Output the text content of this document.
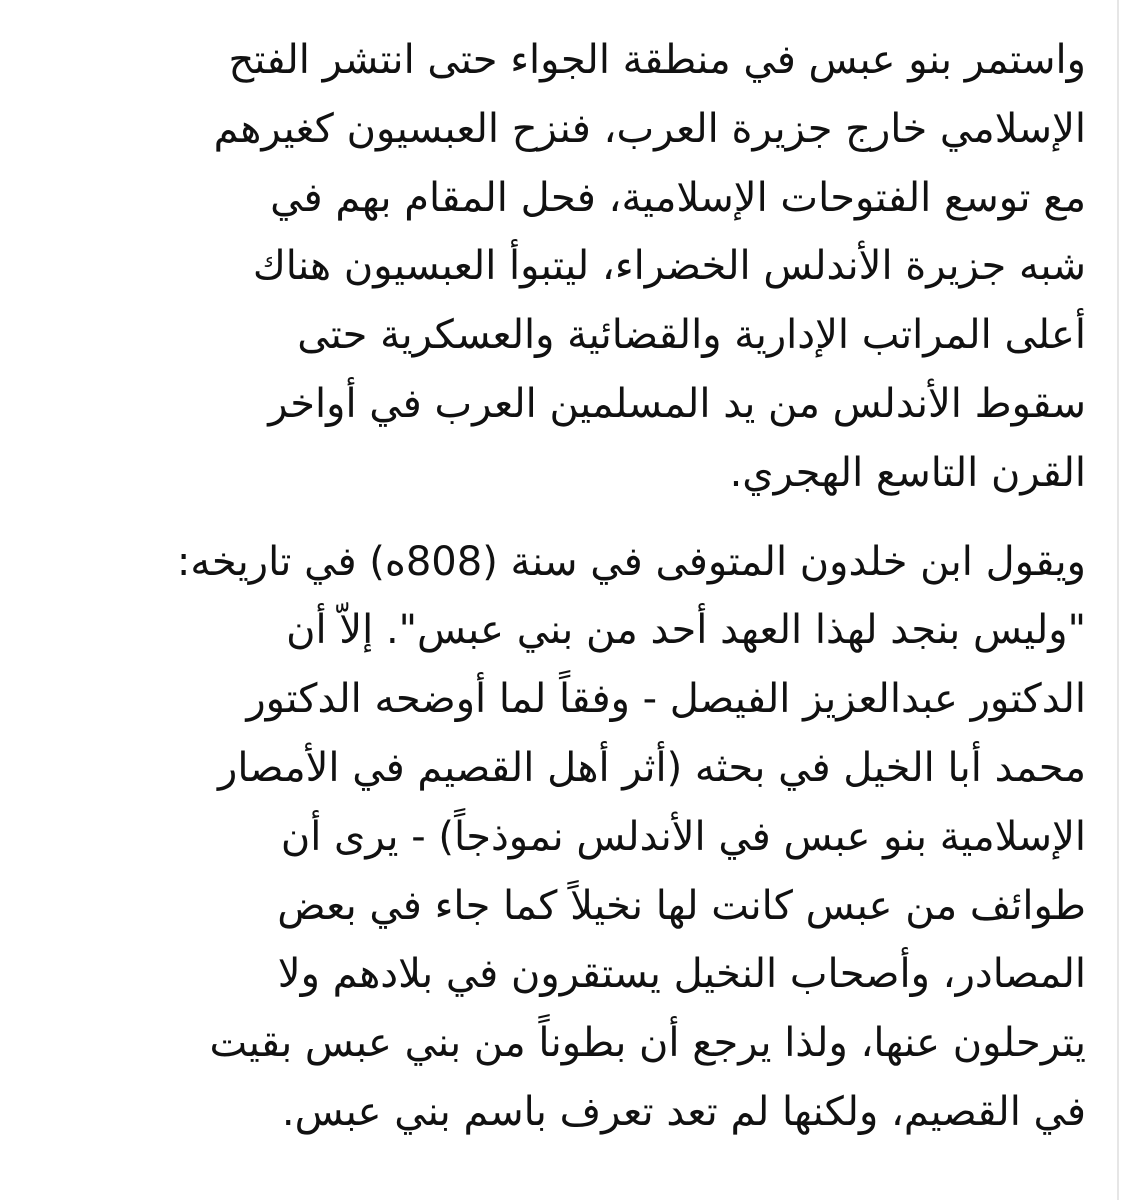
واستمر بنو عبس في منطقة الجواء حتى انتشر الفتح
الإسلامي خارج جزيرة العرب، فنزح العبسيون كغيرهم
مع توسع الفتوحات الإسلامية، فحل المقام بهم في
شبه جزيرة الأندلس الخضراء، ليتبوأ العبسيون هناك
أعلى المراتب الإدارية والقضائية والعسكرية حتى
سقوط الأندلس من يد المسلمين العرب في أواخر
القرن التاسع الهجري.

ويقول ابن خلدون المتوفى في سنة (808ه) في تاريخه:
"وليس بنجد لهذا العهد أحد من بني عبس". إلاّ أن
الدكتور عبدالعزيز الفيصل - وفقاً لما أوضحه الدكتور
محمد أبا الخيل في بحثه (أثر أهل القصيم في الأمصار
الإسلامية بنو عبس في الأندلس نموذجاً) - يرى أن
طوائف من عبس كانت لها نخيلاً كما جاء في بعض
المصادر، وأصحاب النخيل يستقرون في بلادهم ولا
يترحلون عنها، ولذا يرجع أن بطوناً من بني عبس بقيت
في القصيم، ولكنها لم تعد تعرف باسم بني عبس.
